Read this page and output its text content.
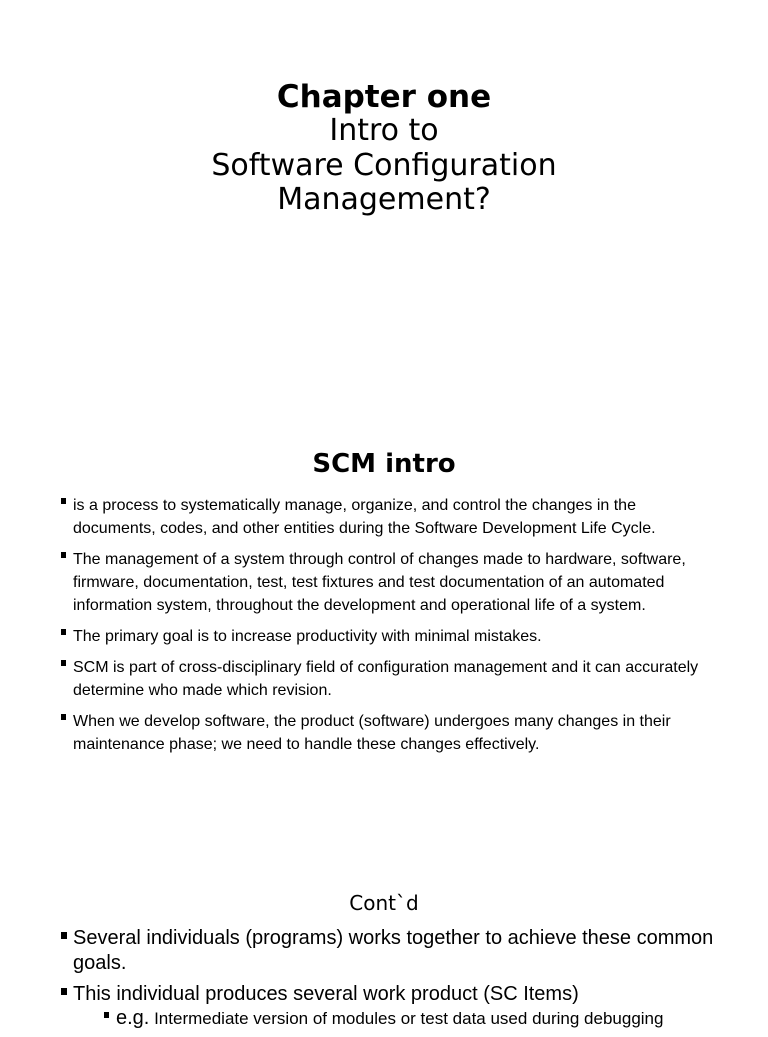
Chapter one
Intro to
Software Configuration
Management?
SCM intro
is a process to systematically manage, organize, and control the changes in the documents, codes, and other entities during the Software Development Life Cycle.
The management of a system through control of changes made to hardware, software, firmware, documentation, test, test fixtures and test documentation of an automated information system, throughout the development and operational life of a system.
The primary goal is to increase productivity with minimal mistakes.
SCM is part of cross-disciplinary field of configuration management and it can accurately determine who made which revision.
When we develop software, the product (software) undergoes many changes in their maintenance phase; we need to handle these changes effectively.
Cont`d
Several individuals (programs) works together to achieve these common goals.
This individual produces several work product (SC Items)
e.g. Intermediate version of modules or test data used during debugging
